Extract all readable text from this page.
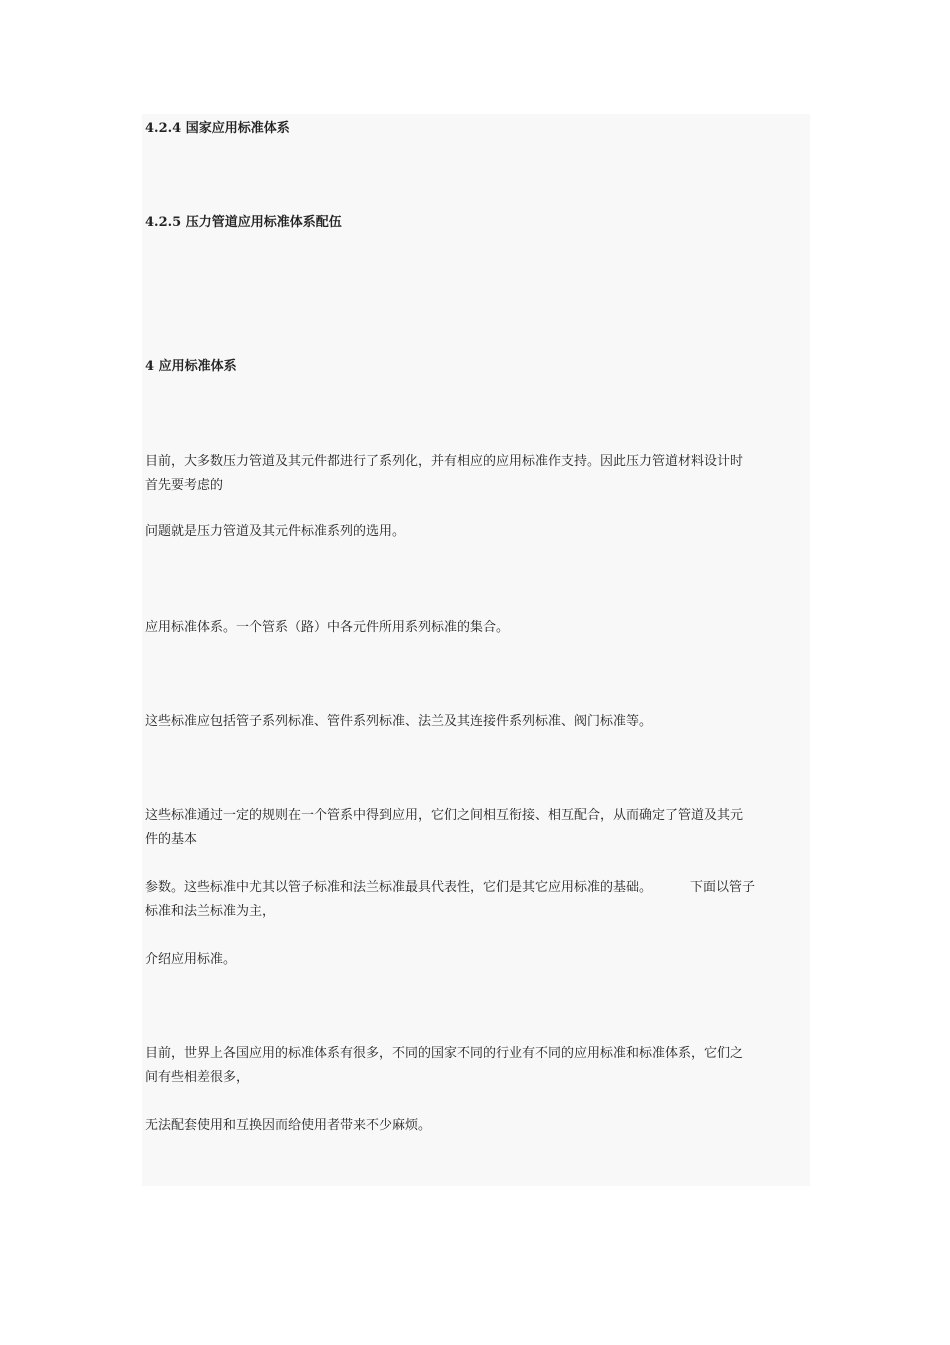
4.2.4 国家应用标准体系
4.2.5 压力管道应用标准体系配伍
4 应用标准体系
目前，大多数压力管道及其元件都进行了系列化，并有相应的应用标准作支持。因此压力管道材料设计时
首先要考虑的
问题就是压力管道及其元件标准系列的选用。
应用标准体系。一个管系（路）中各元件所用系列标准的集合。
这些标准应包括管子系列标准、管件系列标准、法兰及其连接件系列标准、阀门标准等。
这些标准通过一定的规则在一个管系中得到应用，它们之间相互衔接、相互配合，从而确定了管道及其元
件的基本
参数。这些标准中尤其以管子标准和法兰标准最具代表性，它们是其它应用标准的基础。	下面以管子
标准和法兰标准为主，
介绍应用标准。
目前，世界上各国应用的标准体系有很多，不同的国家不同的行业有不同的应用标准和标准体系，它们之
间有些相差很多，
无法配套使用和互换因而给使用者带来不少麻烦。
